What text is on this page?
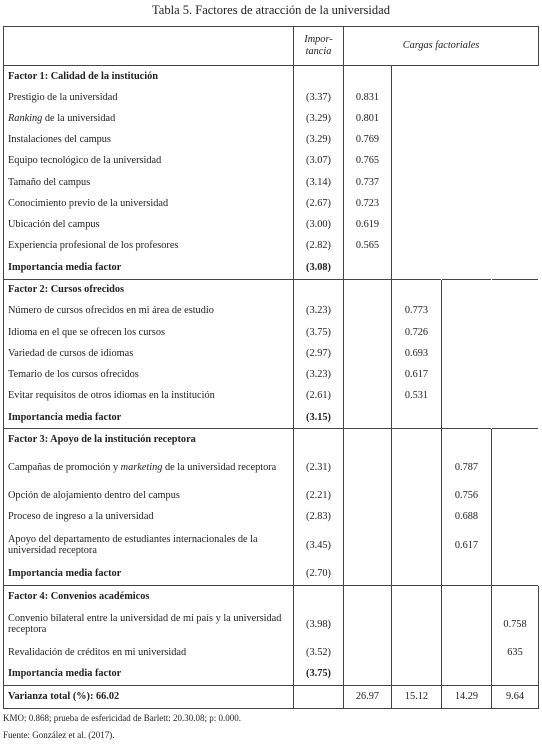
Tabla 5. Factores de atracción de la universidad
	Impor-
tancia	Cargas factoriales			
Factor 1: Calidad de la institución					
Prestigio de la universidad	(3.37)	0.831			
Ranking de la universidad	(3.29)	0.801			
Instalaciones del campus	(3.29)	0.769			
Equipo tecnológico de la universidad	(3.07)	0.765			
Tamaño del campus	(3.14)	0.737			
Conocimiento previo de la universidad	(2.67)	0.723			
Ubicación del campus	(3.00)	0.619			
Experiencia profesional de los profesores	(2.82)	0.565			
Importancia media factor	(3.08)				
Factor 2: Cursos ofrecidos					
Número de cursos ofrecidos en mi área de estudio	(3.23)		0.773		
Idioma en el que se ofrecen los cursos	(3.75)		0.726		
Variedad de cursos de idiomas	(2.97)		0.693		
Temario de los cursos ofrecidos	(3.23)		0.617		
Evitar requisitos de otros idiomas en la institución	(2.61)		0.531		
Importancia media factor	(3.15)				
Factor 3: Apoyo de la institución receptora					
Campañas de promoción y marketing de la universidad receptora	(2.31)			0.787	
Opción de alojamiento dentro del campus	(2.21)			0.756	
Proceso de ingreso a la universidad	(2.83)			0.688	
Apoyo del departamento de estudiantes internacionales de la universidad receptora	(3.45)			0.617	
Importancia media factor	(2.70)				
Factor 4: Convenios académicos					
Convenio bilateral entre la universidad de mi país y la universidad receptora	(3.98)				0.758
Revalidación de créditos en mi universidad	(3.52)				635
Importancia media factor	(3.75)				
Varianza total (%): 66.02		26.97	15.12	14.29	9.64
KMO: 0.868; prueba de esfericidad de Barlett: 20.30.08; p: 0.000.
Fuente: González et al. (2017).
